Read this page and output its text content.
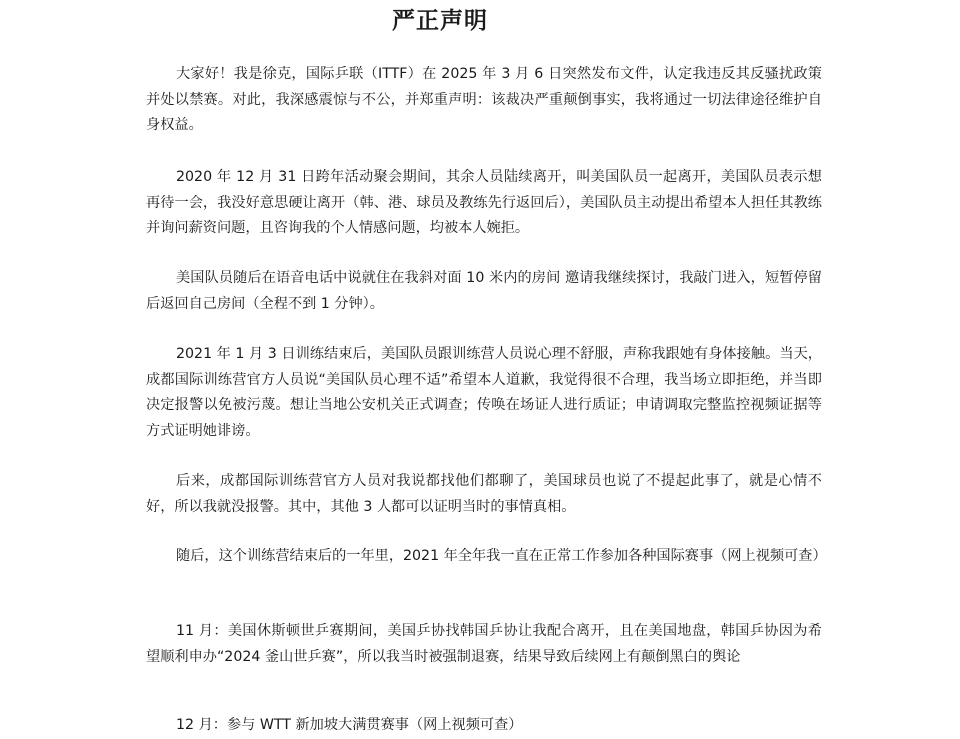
严正声明

大家好！我是徐克，国际乒联（ITTF）在 2025 年 3 月 6 日突然发布文件，认定我违反其反骚扰政策并处以禁赛。对此，我深感震惊与不公，并郑重声明：该裁决严重颠倒事实，我将通过一切法律途径维护自身权益。

2020 年 12 月 31 日跨年活动聚会期间，其余人员陆续离开，叫美国队员一起离开，美国队员表示想再待一会，我没好意思硬让离开（韩、港、球员及教练先行返回后），美国队员主动提出希望本人担任其教练并询问薪资问题，且咨询我的个人情感问题，均被本人婉拒。

美国队员随后在语音电话中说就住在我斜对面 10 米内的房间 邀请我继续探讨，我敲门进入，短暂停留后返回自己房间（全程不到 1 分钟）。

2021 年 1 月 3 日训练结束后，美国队员跟训练营人员说心理不舒服，声称我跟她有身体接触。当天，成都国际训练营官方人员说“美国队员心理不适”希望本人道歉，我觉得很不合理，我当场立即拒绝，并当即决定报警以免被污蔑。想让当地公安机关正式调查；传唤在场证人进行质证；申请调取完整监控视频证据等方式证明她诽谤。

后来，成都国际训练营官方人员对我说都找他们都聊了，美国球员也说了不提起此事了，就是心情不好，所以我就没报警。其中，其他 3 人都可以证明当时的事情真相。

随后，这个训练营结束后的一年里，2021 年全年我一直在正常工作参加各种国际赛事（网上视频可查）

11 月：美国休斯顿世乒赛期间，美国乒协找韩国乒协让我配合离开，且在美国地盘，韩国乒协因为希望顺利申办“2024 釜山世乒赛”，所以我当时被强制退赛，结果导致后续网上有颠倒黑白的舆论

12 月：参与 WTT 新加坡大满贯赛事（网上视频可查）
